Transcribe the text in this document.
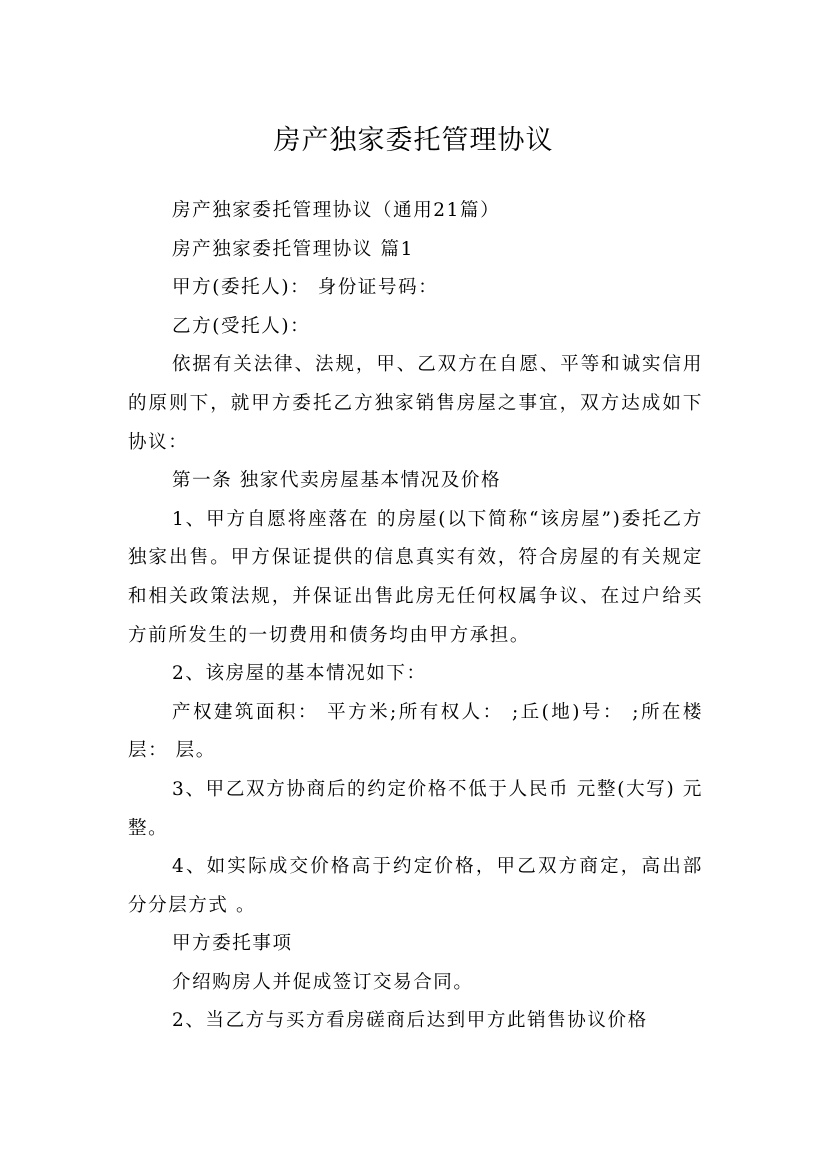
房产独家委托管理协议

房产独家委托管理协议（通用21篇）

房产独家委托管理协议 篇1

甲方(委托人)： 身份证号码：

乙方(受托人)：

依据有关法律、法规，甲、乙双方在自愿、平等和诚实信用的原则下，就甲方委托乙方独家销售房屋之事宜，双方达成如下协议：

第一条 独家代卖房屋基本情况及价格

1、甲方自愿将座落在 的房屋(以下简称“该房屋”)委托乙方独家出售。甲方保证提供的信息真实有效，符合房屋的有关规定和相关政策法规，并保证出售此房无任何权属争议、在过户给买方前所发生的一切费用和债务均由甲方承担。

2、该房屋的基本情况如下：

产权建筑面积： 平方米;所有权人： ;丘(地)号： ;所在楼层： 层。

3、甲乙双方协商后的约定价格不低于人民币 元整(大写) 元整。

4、如实际成交价格高于约定价格，甲乙双方商定，高出部分分层方式 。

甲方委托事项

介绍购房人并促成签订交易合同。

2、当乙方与买方看房磋商后达到甲方此销售协议价格
